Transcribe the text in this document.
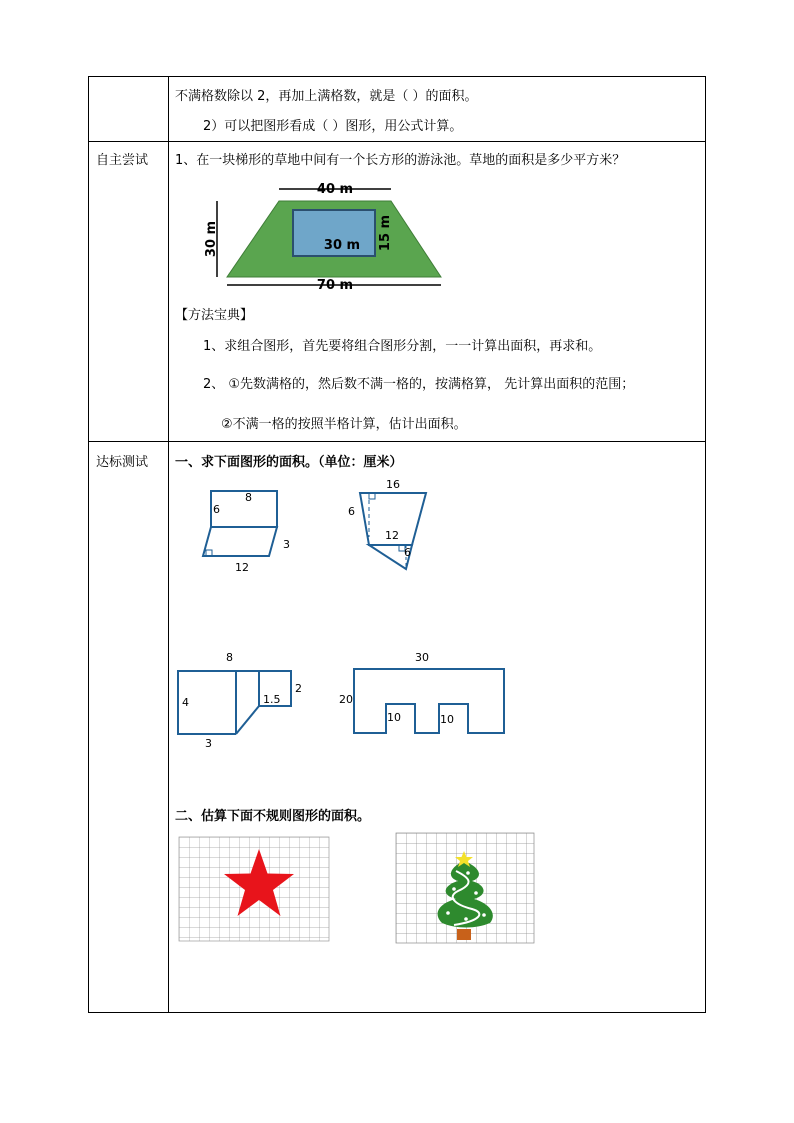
不满格数除以 2，再加上满格数，就是（ ）的面积。
2）可以把图形看成（ ）图形，用公式计算。
自主尝试 1、在一块梯形的草地中间有一个长方形的游泳池。草地的面积是多少平方米？
40 m
30 m	30 m 15 m
70 m
【方法宝典】
1、求组合图形，首先要将组合图形分割，一一计算出面积，再求和。
2、 ①先数满格的，然后数不满一格的，按满格算， 先计算出面积的范围；
②不满一格的按照半格计算，估计出面积。
达标测试 一、求下面图形的面积。（单位：厘米）
8
6
3
12
16
6
12
6
8
4	1.5
2
3
30
20
10	10
二、估算下面不规则图形的面积。
